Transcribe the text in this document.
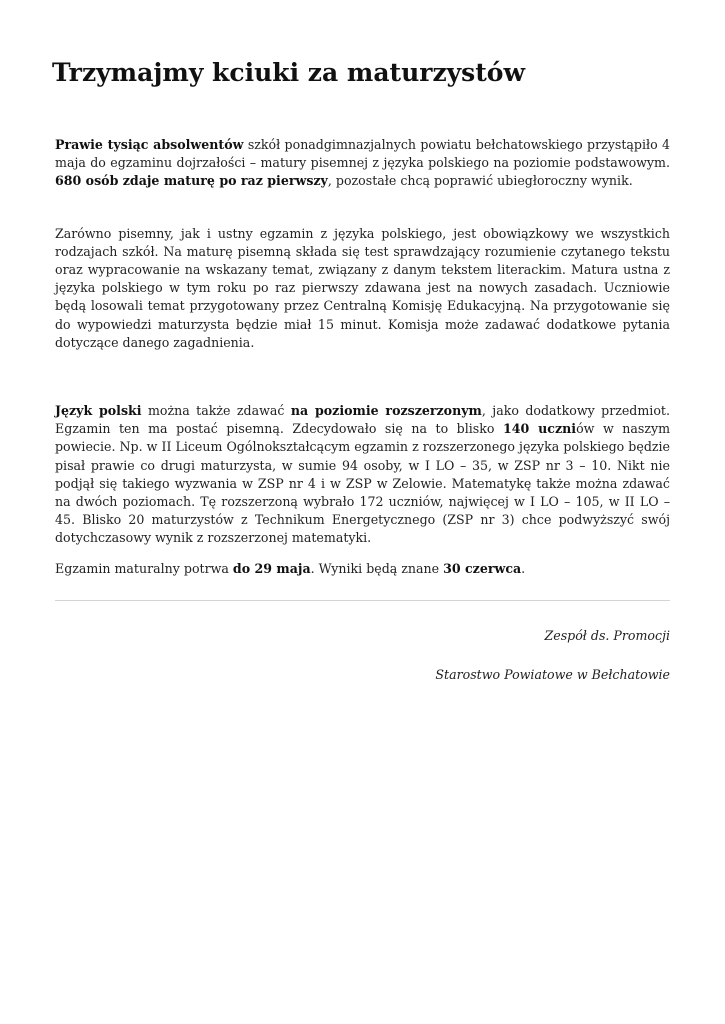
Trzymajmy kciuki za maturzystów

Prawie tysiąc absolwentów szkół ponadgimnazjalnych powiatu bełchatowskiego przystąpiło 4 maja do egzaminu dojrzałości – matury pisemnej z języka polskiego na poziomie podstawowym. 680 osób zdaje maturę po raz pierwszy, pozostałe chcą poprawić ubiegłoroczny wynik.

Zarówno pisemny, jak i ustny egzamin z języka polskiego, jest obowiązkowy we wszystkich rodzajach szkół. Na maturę pisemną składa się test sprawdzający rozumienie czytanego tekstu oraz wypracowanie na wskazany temat, związany z danym tekstem literackim. Matura ustna z języka polskiego w tym roku po raz pierwszy zdawana jest na nowych zasadach. Uczniowie będą losowali temat przygotowany przez Centralną Komisję Edukacyjną. Na przygotowanie się do wypowiedzi maturzysta będzie miał 15 minut. Komisja może zadawać dodatkowe pytania dotyczące danego zagadnienia.

Język polski można także zdawać na poziomie rozszerzonym, jako dodatkowy przedmiot. Egzamin ten ma postać pisemną. Zdecydowało się na to blisko 140 uczniów w naszym powiecie. Np. w II Liceum Ogólnokształcącym egzamin z rozszerzonego języka polskiego będzie pisał prawie co drugi maturzysta, w sumie 94 osoby, w I LO – 35, w ZSP nr 3 – 10. Nikt nie podjął się takiego wyzwania w ZSP nr 4 i w ZSP w Zelowie. Matematykę także można zdawać na dwóch poziomach. Tę rozszerzoną wybrało 172 uczniów, najwięcej w I LO – 105, w II LO – 45. Blisko 20 maturzystów z Technikum Energetycznego (ZSP nr 3) chce podwyższyć swój dotychczasowy wynik z rozszerzonej matematyki.

Egzamin maturalny potrwa do 29 maja. Wyniki będą znane 30 czerwca.

Zespół ds. Promocji

Starostwo Powiatowe w Bełchatowie
